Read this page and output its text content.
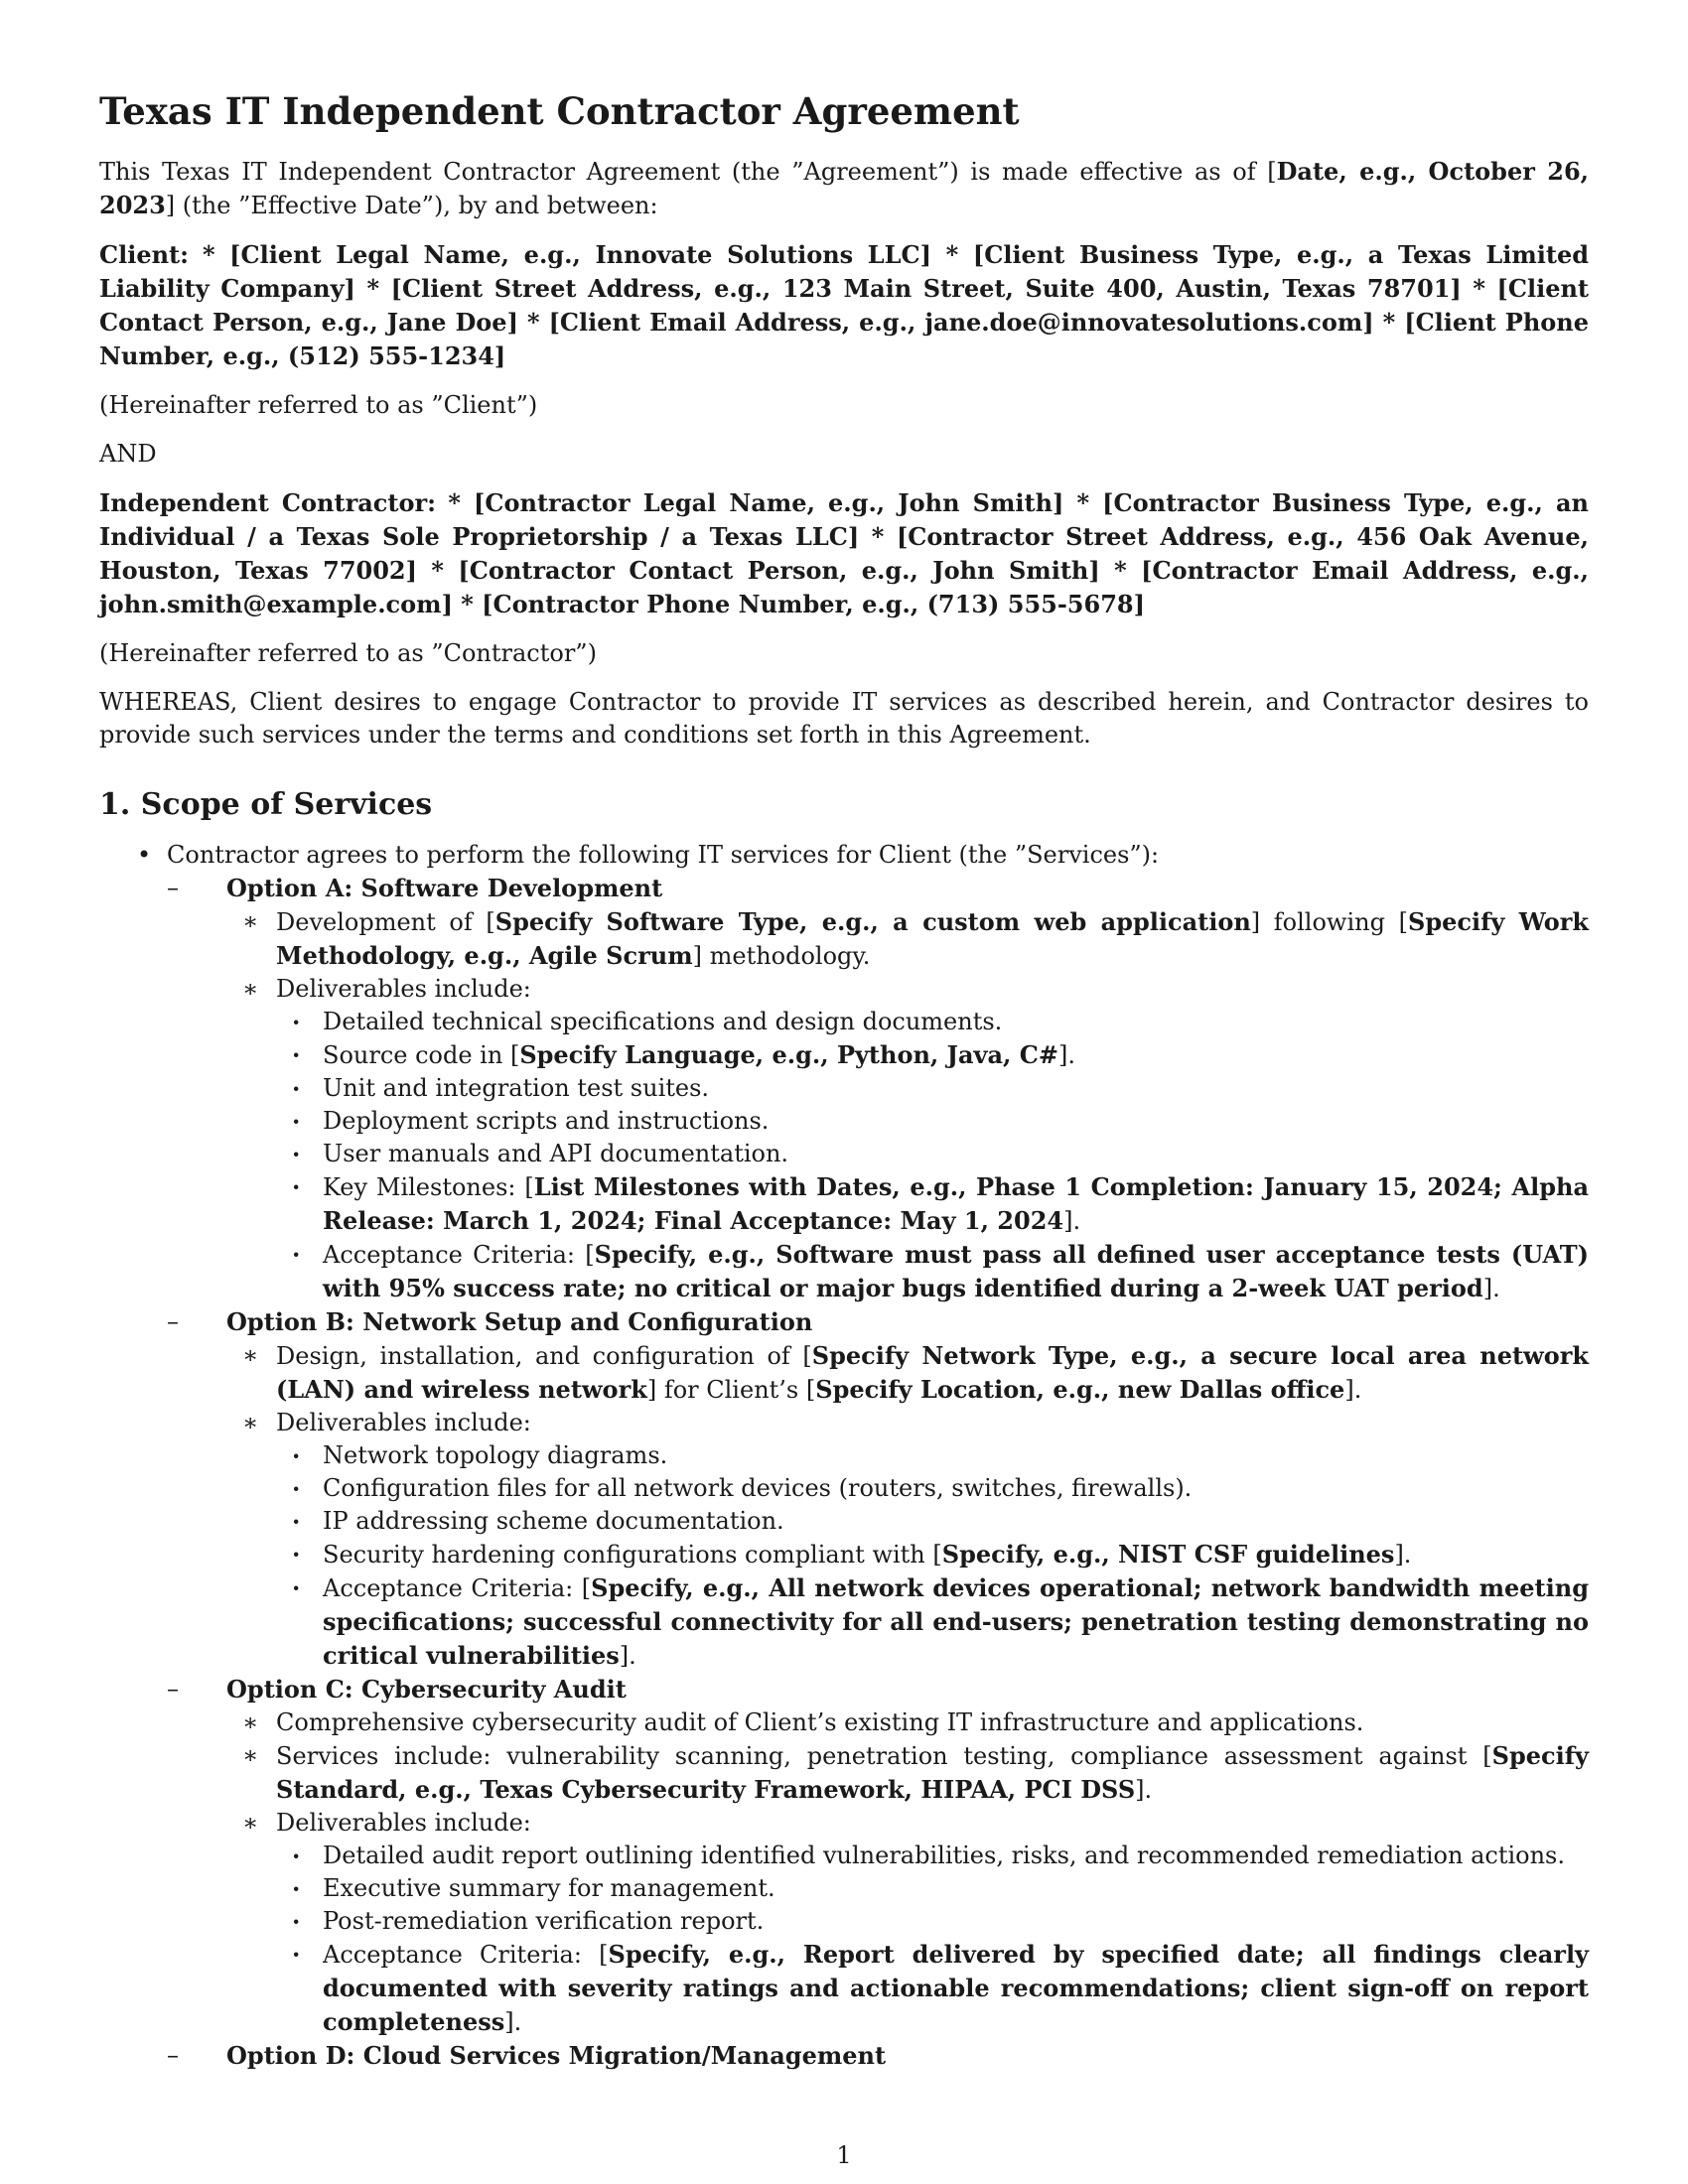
Texas IT Independent Contractor Agreement

This Texas IT Independent Contractor Agreement (the ”Agreement”) is made effective as of [Date, e.g., October 26, 2023] (the ”Effective Date”), by and between:

Client: * [Client Legal Name, e.g., Innovate Solutions LLC] * [Client Business Type, e.g., a Texas Limited Liability Company] * [Client Street Address, e.g., 123 Main Street, Suite 400, Austin, Texas 78701] * [Client Contact Person, e.g., Jane Doe] * [Client Email Address, e.g., jane.doe@innovatesolutions.com] * [Client Phone Number, e.g., (512) 555-1234]

(Hereinafter referred to as ”Client”)

AND

Independent Contractor: * [Contractor Legal Name, e.g., John Smith] * [Contractor Business Type, e.g., an Individual / a Texas Sole Proprietorship / a Texas LLC] * [Contractor Street Address, e.g., 456 Oak Avenue, Houston, Texas 77002] * [Contractor Contact Person, e.g., John Smith] * [Contractor Email Address, e.g., john.smith@example.com] * [Contractor Phone Number, e.g., (713) 555-5678]

(Hereinafter referred to as ”Contractor”)

WHEREAS, Client desires to engage Contractor to provide IT services as described herein, and Contractor desires to provide such services under the terms and conditions set forth in this Agreement.

1. Scope of Services
• Contractor agrees to perform the following IT services for Client (the ”Services”):
– Option A: Software Development
∗ Development of [Specify Software Type, e.g., a custom web application] following [Specify Work Methodology, e.g., Agile Scrum] methodology.
∗ Deliverables include:
· Detailed technical specifications and design documents.
· Source code in [Specify Language, e.g., Python, Java, C#].
· Unit and integration test suites.
· Deployment scripts and instructions.
· User manuals and API documentation.
· Key Milestones: [List Milestones with Dates, e.g., Phase 1 Completion: January 15, 2024; Alpha Release: March 1, 2024; Final Acceptance: May 1, 2024].
· Acceptance Criteria: [Specify, e.g., Software must pass all defined user acceptance tests (UAT) with 95% success rate; no critical or major bugs identified during a 2-week UAT period].
– Option B: Network Setup and Configuration
∗ Design, installation, and configuration of [Specify Network Type, e.g., a secure local area network (LAN) and wireless network] for Client’s [Specify Location, e.g., new Dallas office].
∗ Deliverables include:
· Network topology diagrams.
· Configuration files for all network devices (routers, switches, firewalls).
· IP addressing scheme documentation.
· Security hardening configurations compliant with [Specify, e.g., NIST CSF guidelines].
· Acceptance Criteria: [Specify, e.g., All network devices operational; network bandwidth meeting specifications; successful connectivity for all end-users; penetration testing demonstrating no critical vulnerabilities].
– Option C: Cybersecurity Audit
∗ Comprehensive cybersecurity audit of Client’s existing IT infrastructure and applications.
∗ Services include: vulnerability scanning, penetration testing, compliance assessment against [Specify Standard, e.g., Texas Cybersecurity Framework, HIPAA, PCI DSS].
∗ Deliverables include:
· Detailed audit report outlining identified vulnerabilities, risks, and recommended remediation actions.
· Executive summary for management.
· Post-remediation verification report.
· Acceptance Criteria: [Specify, e.g., Report delivered by specified date; all findings clearly documented with severity ratings and actionable recommendations; client sign-off on report completeness].
– Option D: Cloud Services Migration/Management
1
